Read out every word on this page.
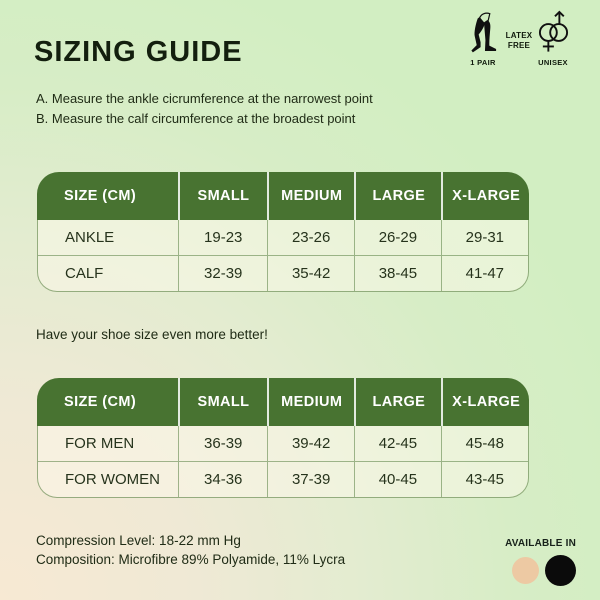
SIZING GUIDE
A. Measure the ankle cicrumference at the narrowest point
B. Measure the calf circumference at the broadest point
1 PAIR
LATEX
FREE
UNISEX
SIZE (CM)	SMALL	MEDIUM	LARGE	X-LARGE
ANKLE	19-23	23-26	26-29	29-31
CALF	32-39	35-42	38-45	41-47
Have your shoe size even more better!
SIZE (CM)	SMALL	MEDIUM	LARGE	X-LARGE
FOR MEN	36-39	39-42	42-45	45-48
FOR WOMEN	34-36	37-39	40-45	43-45
Compression Level: 18-22 mm Hg
Composition: Microfibre 89% Polyamide, 11% Lycra
AVAILABLE IN
